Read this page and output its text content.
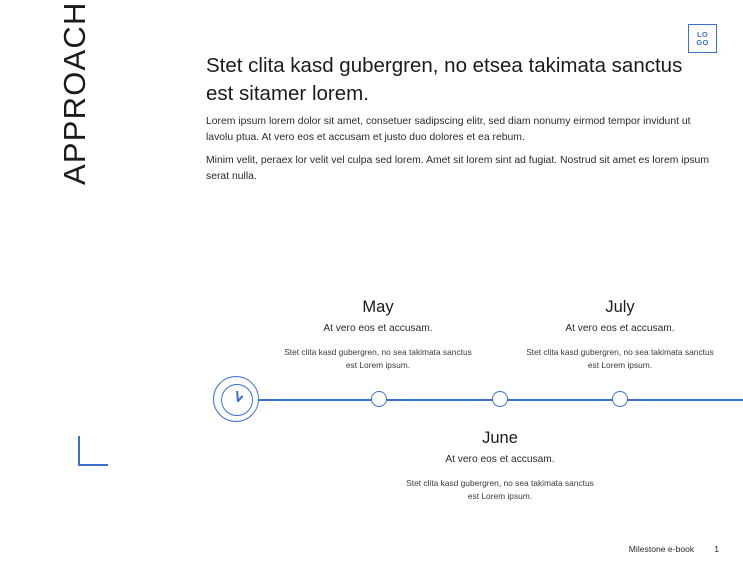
LO
GO
APPROACH	Stet clita kasd gubergren, no etsea takimata sanctus est sitamer lorem.

Lorem ipsum lorem dolor sit amet, consetuer sadipscing elitr, sed diam nonumy eirmod tempor invidunt ut lavolu ptua. At vero eos et accusam et justo duo dolores et ea rebum.

Minim velit, peraex lor velit vel culpa sed lorem. Amet sit lorem sint ad fugiat. Nostrud sit amet es lorem ipsum serat nulla.

May
At vero eos et accusam.
Stet clita kasd gubergren, no sea takimata sanctus est Lorem ipsum.
July
At vero eos et accusam.
Stet clita kasd gubergren, no sea takimata sanctus est Lorem ipsum.
June
At vero eos et accusam.
Stet clita kasd gubergren, no sea takimata sanctus est Lorem ipsum.
Milestone e-book 1
